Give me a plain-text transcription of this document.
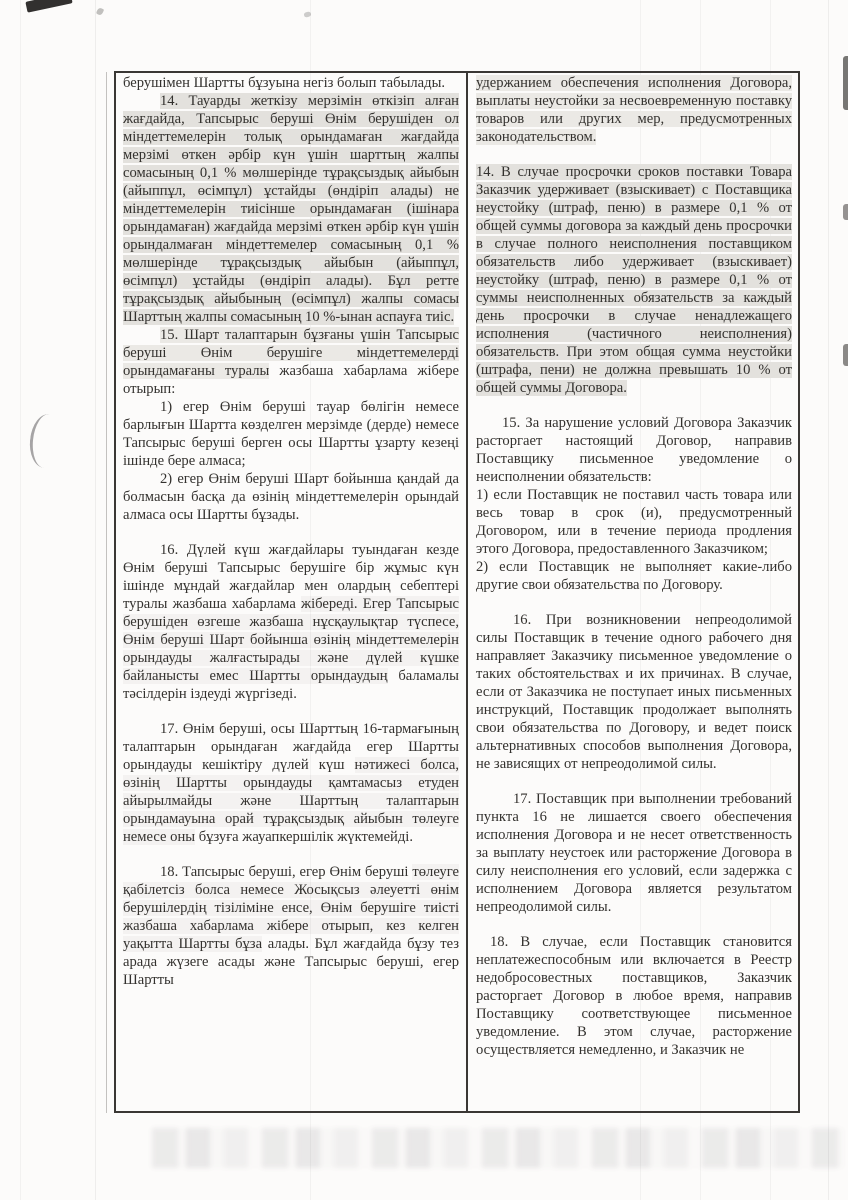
берушімен Шартты бұзуына негіз болып табылады.

14. Тауарды жеткізу мерзімін өткізіп алған жағдайда, Тапсырыс беруші Өнім берушіден ол міндеттемелерін толық орындамаған жағдайда мерзімі өткен әрбір күн үшін шарттың жалпы сомасының 0,1 % мөлшерінде тұрақсыздық айыбын (айыппұл, өсімпұл) ұстайды (өндіріп алады) не міндеттемелерін тиісінше орындамаған (ішінара орындамаған) жағдайда мерзімі өткен әрбір күн үшін орындалмаған міндеттемелер сомасының 0,1 % мөлшерінде тұрақсыздық айыбын (айыппұл, өсімпұл) ұстайды (өндіріп алады). Бұл ретте тұрақсыздық айыбының (өсімпұл) жалпы сомасы Шарттың жалпы сомасының 10 %-ынан аспауға тиіс.

15. Шарт талаптарын бұзғаны үшін Тапсырыс беруші Өнім берушіге міндеттемелерді орындамағаны туралы жазбаша хабарлама жібере отырып:

1) егер Өнім беруші тауар бөлігін немесе барлығын Шартта көзделген мерзімде (дерде) немесе Тапсырыс беруші берген осы Шартты ұзарту кезеңі ішінде бере алмаса;

2) егер Өнім беруші Шарт бойынша қандай да болмасын басқа да өзінің міндеттемелерін орындай алмаса осы Шартты бұзады.

16. Дүлей күш жағдайлары туындаған кезде Өнім беруші Тапсырыс берушіге бір жұмыс күн ішінде мұндай жағдайлар мен олардың себептері туралы жазбаша хабарлама жібереді. Егер Тапсырыс берушіден өзгеше жазбаша нұсқаулықтар түспесе, Өнім беруші Шарт бойынша өзінің міндеттемелерін орындауды жалғастырады және дүлей күшке байланысты емес Шартты орындаудың баламалы тәсілдерін іздеуді жүргізеді.

17. Өнім беруші, осы Шарттың 16-тармағының талаптарын орындаған жағдайда егер Шартты орындауды кешіктіру дүлей күш нәтижесі болса, өзінің Шартты орындауды қамтамасыз етуден айырылмайды және Шарттың талаптарын орындамауына орай тұрақсыздық айыбын төлеуге немесе оны бұзуға жауапкершілік жүктемейді.

18. Тапсырыс беруші, егер Өнім беруші төлеуге қабілетсіз болса немесе Жосықсыз әлеуетті өнім берушілердің тізіліміне енсе, Өнім берушіге тиісті жазбаша хабарлама жібере отырып, кез келген уақытта Шартты бұза алады. Бұл жағдайда бұзу тез арада жүзеге асады және Тапсырыс беруші, егер Шартты

удержанием обеспечения исполнения Договора, выплаты неустойки за несвоевременную поставку товаров или других мер, предусмотренных законодательством.

14. В случае просрочки сроков поставки Товара Заказчик удерживает (взыскивает) с Поставщика неустойку (штраф, пеню) в размере 0,1 % от общей суммы договора за каждый день просрочки в случае полного неисполнения поставщиком обязательств либо удерживает (взыскивает) неустойку (штраф, пеню) в размере 0,1 % от суммы неисполненных обязательств за каждый день просрочки в случае ненадлежащего исполнения (частичного неисполнения) обязательств. При этом общая сумма неустойки (штрафа, пени) не должна превышать 10 % от общей суммы Договора.

15. За нарушение условий Договора Заказчик расторгает настоящий Договор, направив Поставщику письменное уведомление о неисполнении обязательств:

1) если Поставщик не поставил часть товара или весь товар в срок (и), предусмотренный Договором, или в течение периода продления этого Договора, предоставленного Заказчиком;

2) если Поставщик не выполняет какие-либо другие свои обязательства по Договору.

16. При возникновении непреодолимой силы Поставщик в течение одного рабочего дня направляет Заказчику письменное уведомление о таких обстоятельствах и их причинах. В случае, если от Заказчика не поступает иных письменных инструкций, Поставщик продолжает выполнять свои обязательства по Договору, и ведет поиск альтернативных способов выполнения Договора, не зависящих от непреодолимой силы.

17. Поставщик при выполнении требований пункта 16 не лишается своего обеспечения исполнения Договора и не несет ответственность за выплату неустоек или расторжение Договора в силу неисполнения его условий, если задержка с исполнением Договора является результатом непреодолимой силы.

18. В случае, если Поставщик становится неплатежеспособным или включается в Реестр недобросовестных поставщиков, Заказчик расторгает Договор в любое время, направив Поставщику соответствующее письменное уведомление. В этом случае, расторжение осуществляется немедленно, и Заказчик не
